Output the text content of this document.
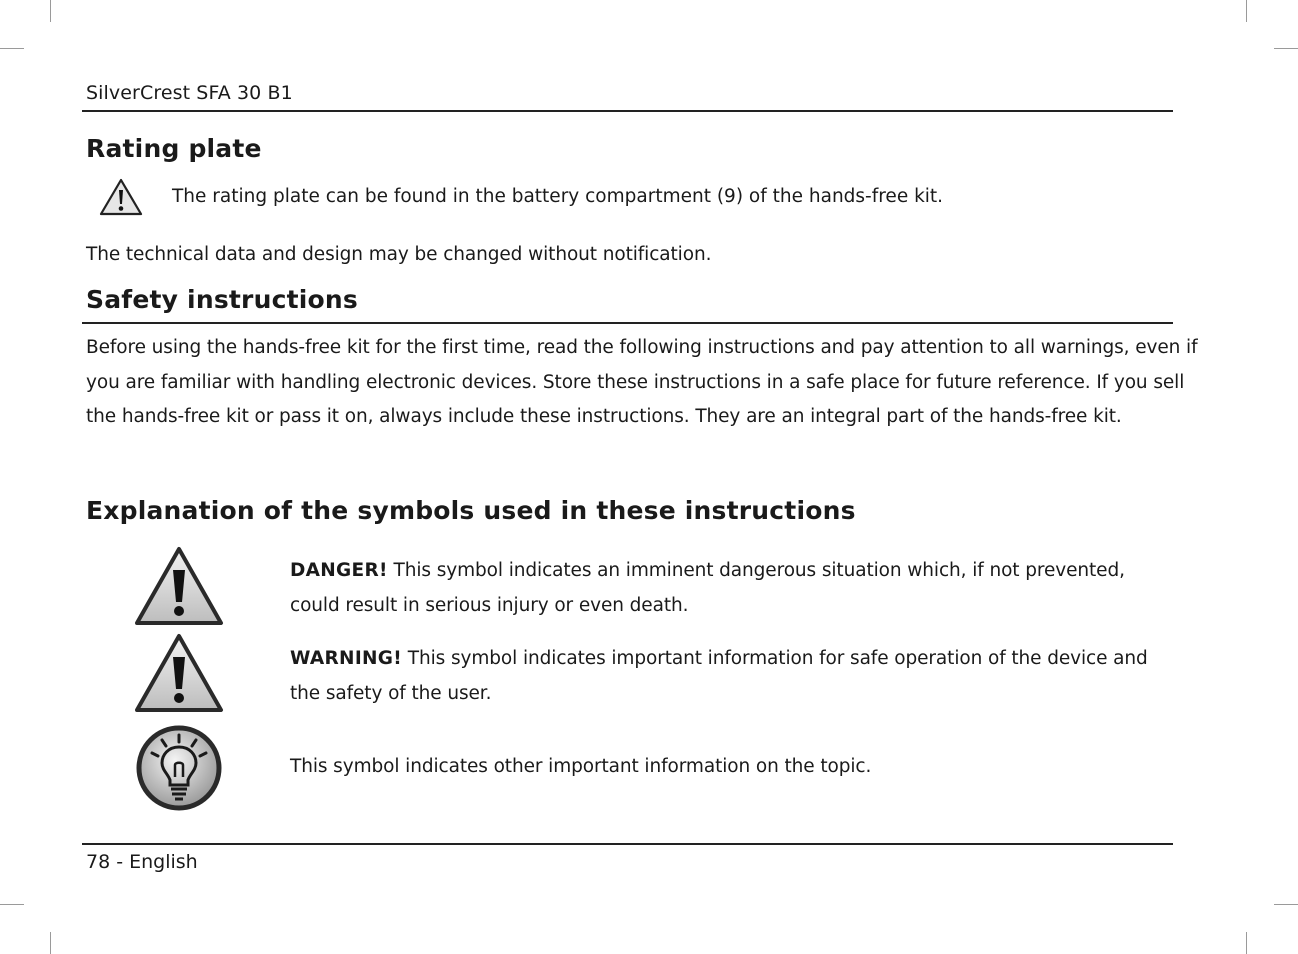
SilverCrest SFA 30 B1
Rating plate
The rating plate can be found in the battery compartment (9) of the hands-free kit.

The technical data and design may be changed without notification.

Safety instructions

Before using the hands-free kit for the first time, read the following instructions and pay attention to all warnings, even if

you are familiar with handling electronic devices. Store these instructions in a safe place for future reference. If you sell

the hands-free kit or pass it on, always include these instructions. They are an integral part of the hands-free kit.

Explanation of the symbols used in these instructions
DANGER! This symbol indicates an imminent dangerous situation which, if not prevented,
could result in serious injury or even death.
WARNING! This symbol indicates important information for safe operation of the device and
the safety of the user.
This symbol indicates other important information on the topic.
78 - English
